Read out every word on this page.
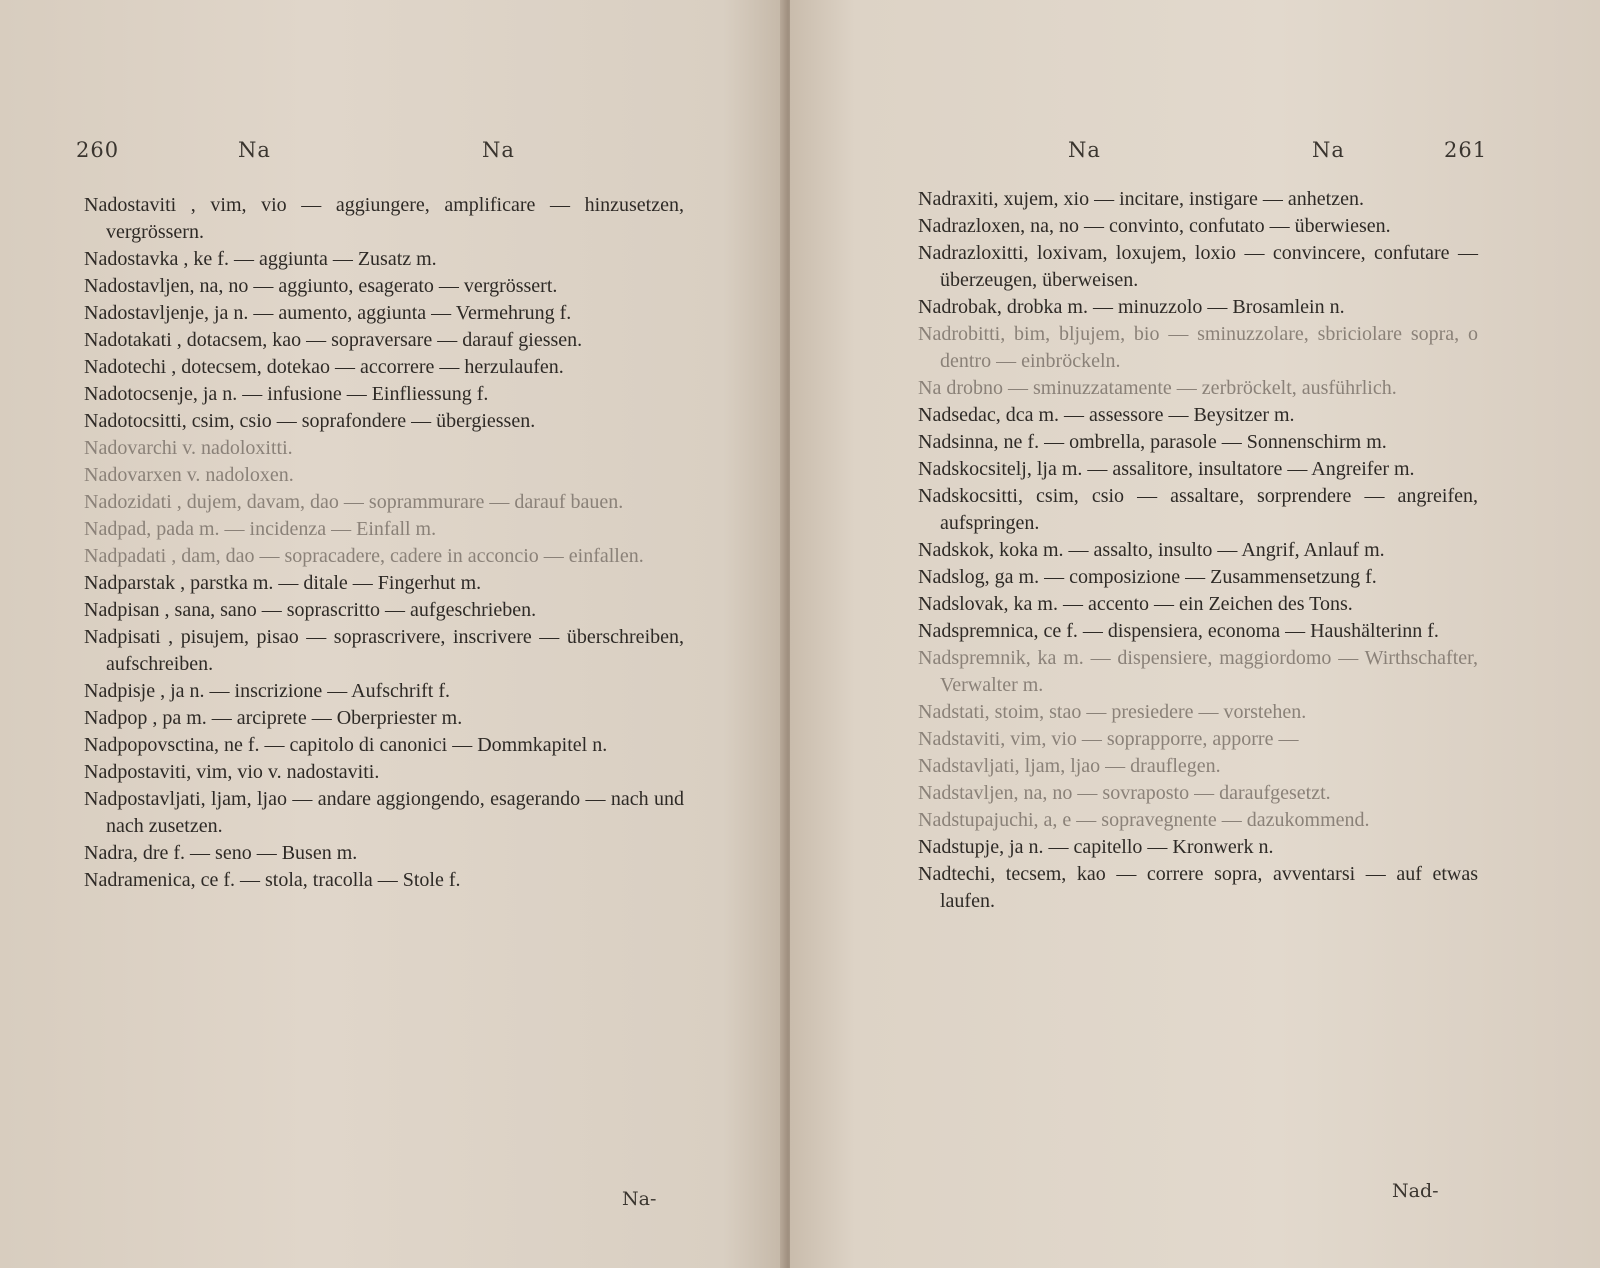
260	Na	Na

Nadostaviti , vim, vio — aggiungere, amplificare — hinzusetzen, vergrössern.

Nadostavka , ke f. — aggiunta — Zusatz m.

Nadostavljen, na, no — aggiunto, esagerato — vergrössert.

Nadostavljenje, ja n. — aumento, aggiunta — Vermehrung f.

Nadotakati , dotacsem, kao — sopraversare — darauf giessen.

Nadotechi , dotecsem, dotekao — accorrere — herzulaufen.

Nadotocsenje, ja n. — infusione — Einfliessung f.

Nadotocsitti, csim, csio — soprafondere — übergiessen.

Nadovarchi v. nadoloxitti.

Nadovarxen v. nadoloxen.

Nadozidati , dujem, davam, dao — soprammurare — darauf bauen.

Nadpad, pada m. — incidenza — Einfall m.

Nadpadati , dam, dao — sopracadere, cadere in acconcio — einfallen.

Nadparstak , parstka m. — ditale — Fingerhut m.

Nadpisan , sana, sano — soprascritto — aufgeschrieben.

Nadpisati , pisujem, pisao — soprascrivere, inscrivere — überschreiben, aufschreiben.

Nadpisje , ja n. — inscrizione — Aufschrift f.

Nadpop , pa m. — arciprete — Oberpriester m.

Nadpopovsctina, ne f. — capitolo di canonici — Dommkapitel n.

Nadpostaviti, vim, vio v. nadostaviti.

Nadpostavljati, ljam, ljao — andare aggiongendo, esagerando — nach und nach zusetzen.

Nadra, dre f. — seno — Busen m.

Nadramenica, ce f. — stola, tracolla — Stole f.

Na-
Na	Na	261

Nadraxiti, xujem, xio — incitare, instigare — anhetzen.

Nadrazloxen, na, no — convinto, confutato — überwiesen.

Nadrazloxitti, loxivam, loxujem, loxio — convincere, confutare — überzeugen, überweisen.

Nadrobak, drobka m. — minuzzolo — Brosamlein n.

Nadrobitti, bim, bljujem, bio — sminuzzolare, sbriciolare sopra, o dentro — einbröckeln.

Na drobno — sminuzzatamente — zerbröckelt, ausführlich.

Nadsedac, dca m. — assessore — Beysitzer m.

Nadsinna, ne f. — ombrella, parasole — Sonnenschirm m.

Nadskocsitelj, lja m. — assalitore, insultatore — Angreifer m.

Nadskocsitti, csim, csio — assaltare, sorprendere — angreifen, aufspringen.

Nadskok, koka m. — assalto, insulto — Angrif, Anlauf m.

Nadslog, ga m. — composizione — Zusammensetzung f.

Nadslovak, ka m. — accento — ein Zeichen des Tons.

Nadspremnica, ce f. — dispensiera, economa — Haushälterinn f.

Nadspremnik, ka m. — dispensiere, maggiordomo — Wirthschafter, Verwalter m.

Nadstati, stoim, stao — presiedere — vorstehen.

Nadstaviti, vim, vio — soprapporre, apporre —

Nadstavljati, ljam, ljao — drauflegen.

Nadstavljen, na, no — sovraposto — daraufgesetzt.

Nadstupajuchi, a, e — sopravegnente — dazukommend.

Nadstupje, ja n. — capitello — Kronwerk n.

Nadtechi, tecsem, kao — correre sopra, avventarsi — auf etwas laufen.

Nad-
